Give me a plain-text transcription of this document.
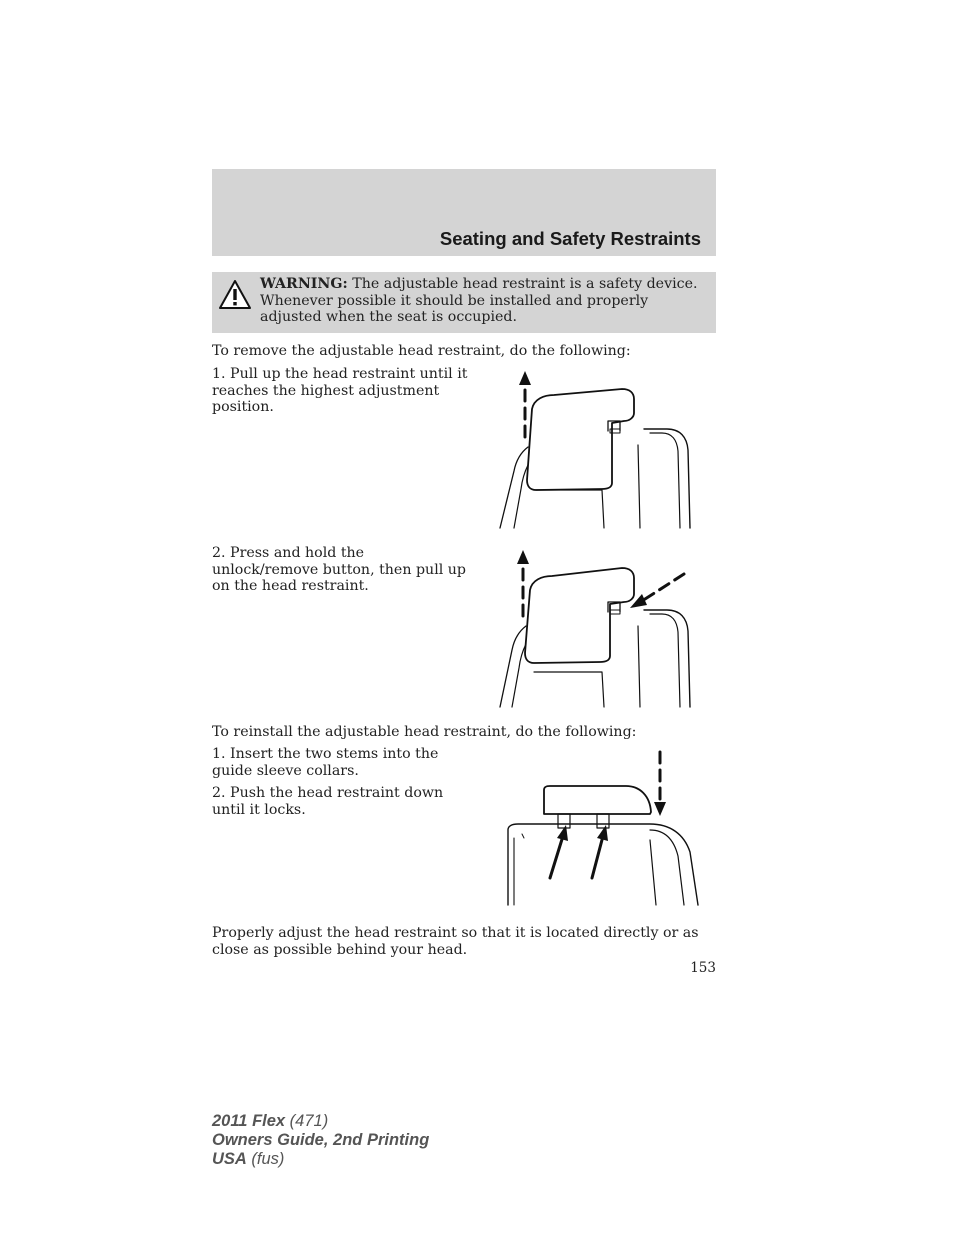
Seating and Safety Restraints
WARNING: The adjustable head restraint is a safety device. Whenever possible it should be installed and properly adjusted when the seat is occupied.

To remove the adjustable head restraint, do the following:

1. Pull up the head restraint until it reaches the highest adjustment position.

2. Press and hold the unlock/remove button, then pull up on the head restraint.

To reinstall the adjustable head restraint, do the following:

1. Insert the two stems into the guide sleeve collars.

2. Push the head restraint down until it locks.

Properly adjust the head restraint so that it is located directly or as close as possible behind your head.

153

2011 Flex (471)
Owners Guide, 2nd Printing
USA (fus)
